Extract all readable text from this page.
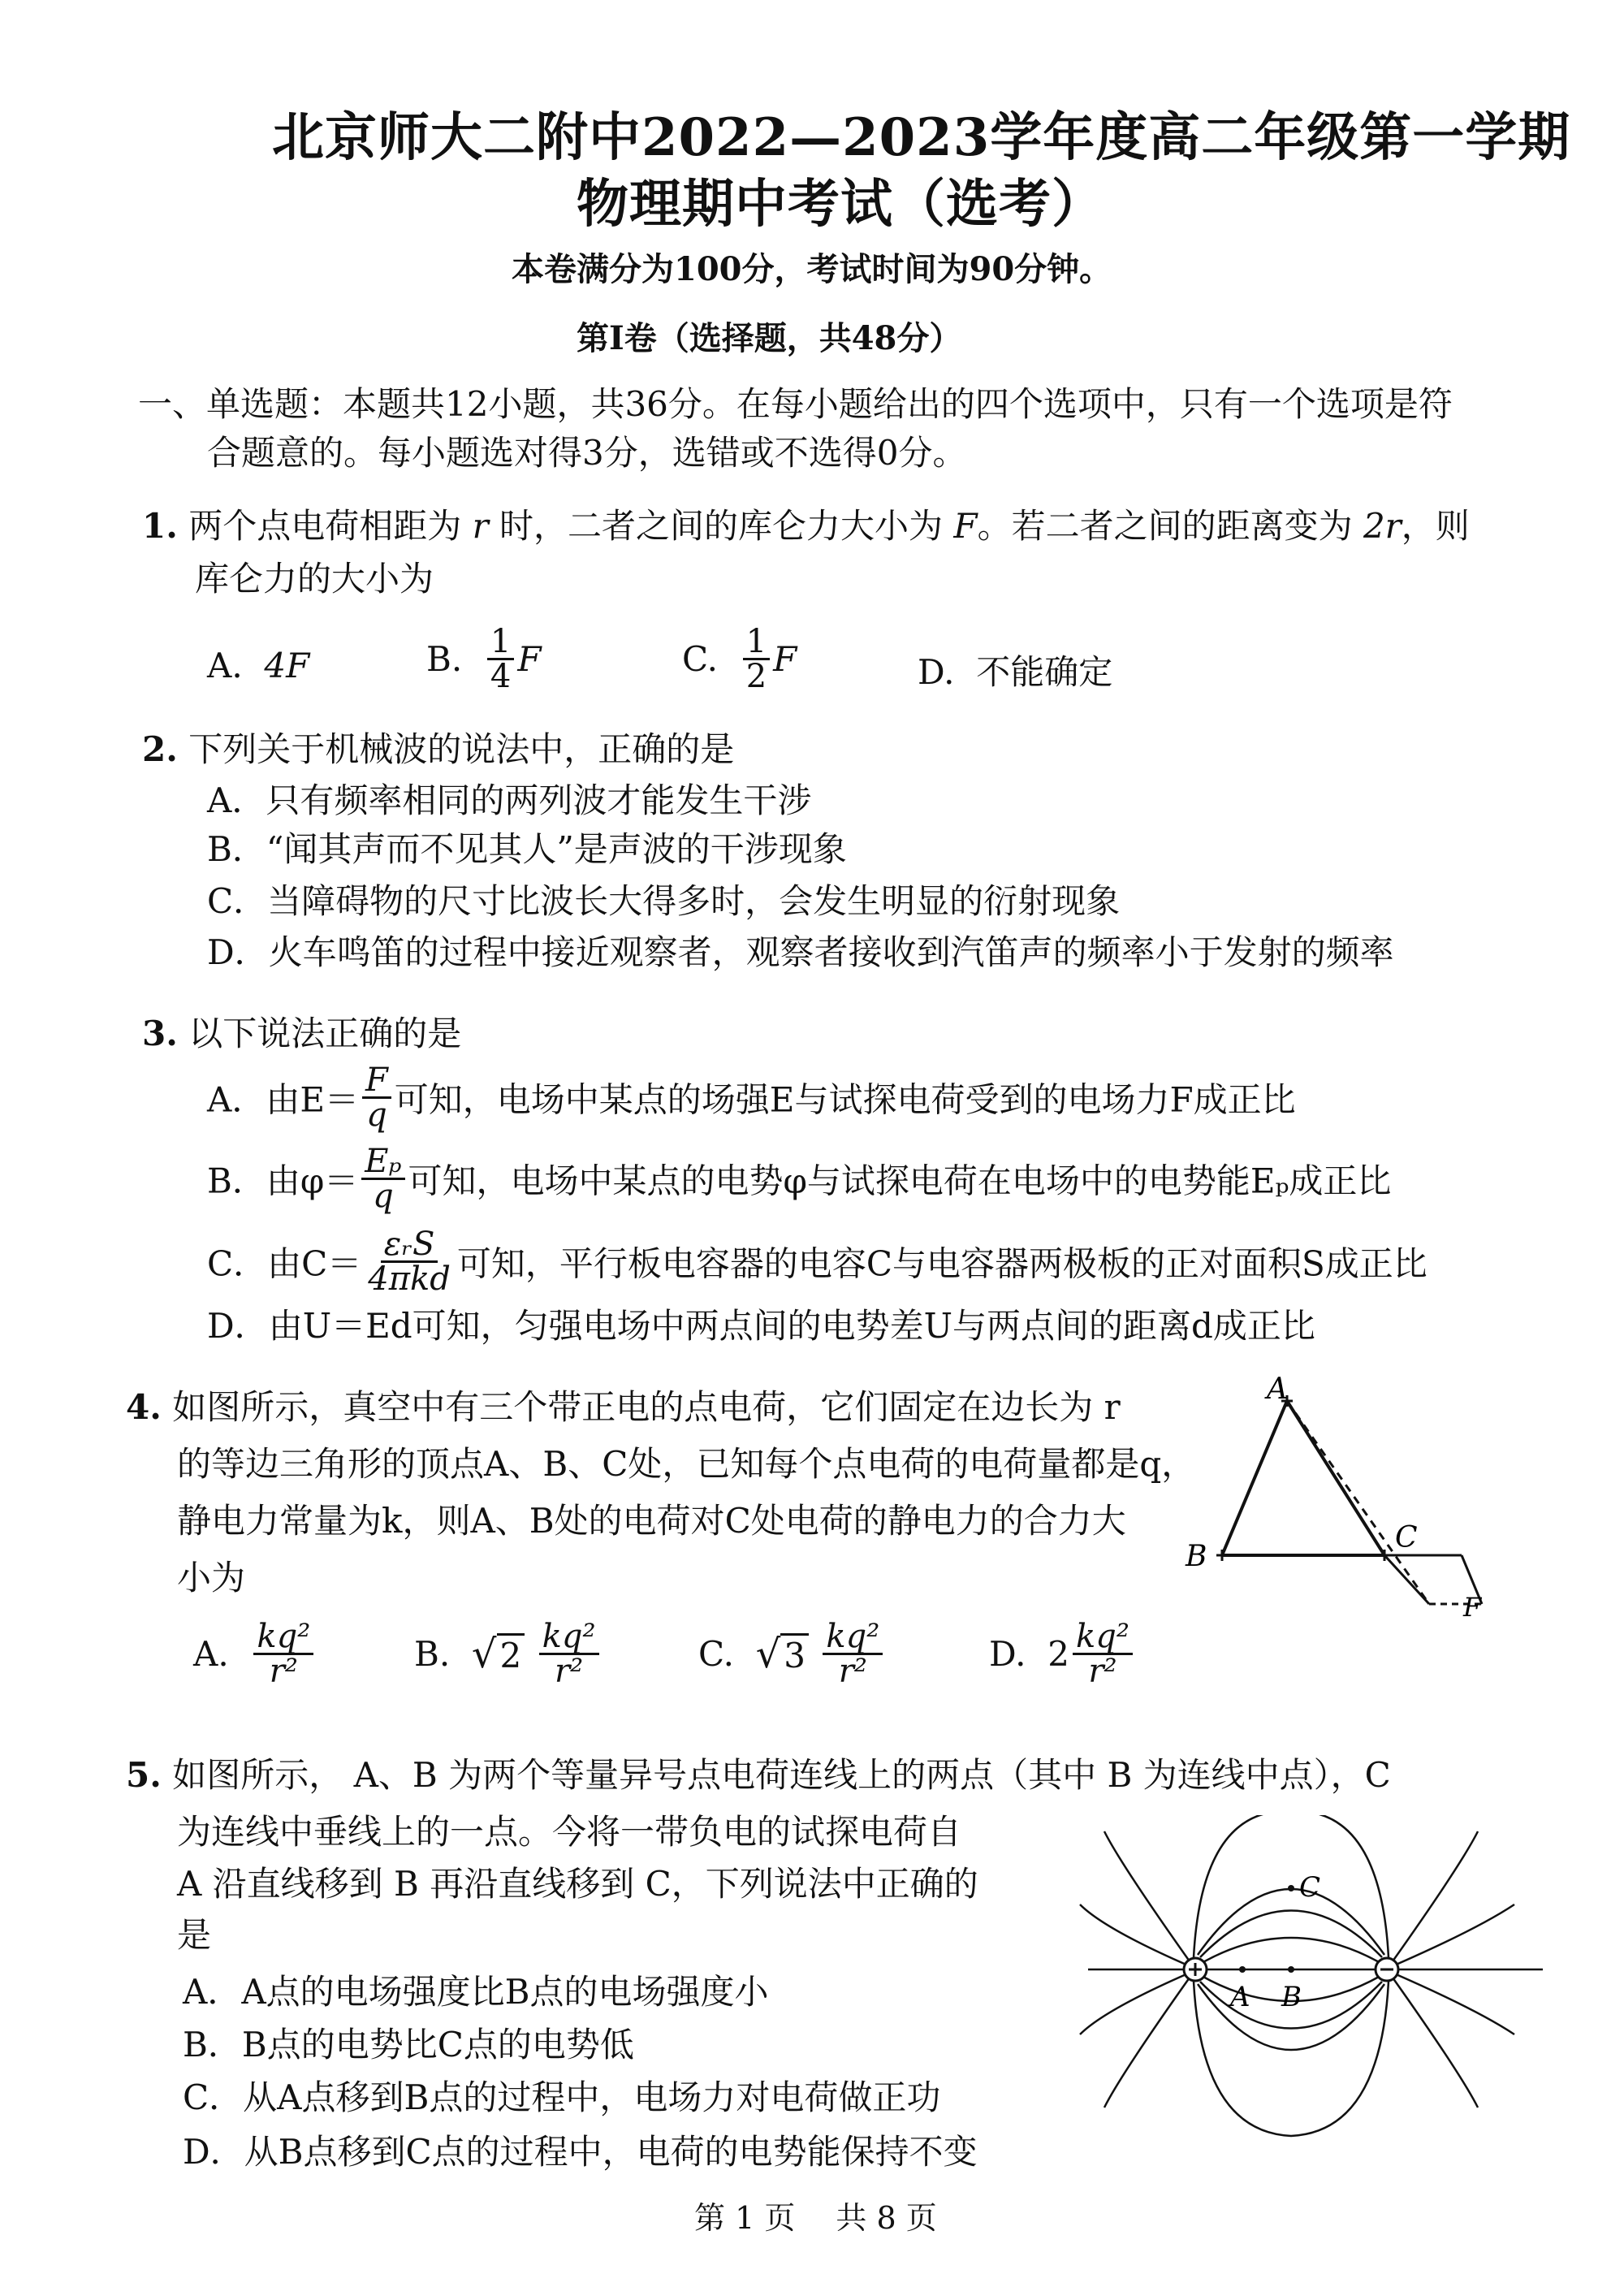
北京师大二附中2022—2023学年度高二年级第一学期
物理期中考试（选考）
本卷满分为100分，考试时间为90分钟。
第Ⅰ卷（选择题，共48分）
一、单选题：本题共12小题，共36分。在每小题给出的四个选项中，只有一个选项是符
合题意的。每小题选对得3分，选错或不选得0分。
1. 两个点电荷相距为 r 时，二者之间的库仑力大小为 F。若二者之间的距离变为 2r，则
库仑力的大小为
A. 4F	B. $\frac{1}{4}$ F	C. $\frac{1}{2}$ F	D. 不能确定
2. 下列关于机械波的说法中，正确的是
A．只有频率相同的两列波才能发生干涉
B．“闻其声而不见其人”是声波的干涉现象
C．当障碍物的尺寸比波长大得多时，会发生明显的衍射现象
D．火车鸣笛的过程中接近观察者，观察者接收到汽笛声的频率小于发射的频率
3. 以下说法正确的是
A．由$E= \frac{F}{q}$ 可知，电场中某点的场强E与试探电荷受到的电场力F成正比
B．由$\varphi= \frac{\text{Eₚ}}{q}$ 可知，电场中某点的电势φ与试探电荷在电场中的电势能Eₚ成正比
C．由$C= \frac{\text{εᵣS}}{\text{4πkd}}$ 可知，平行板电容器的电容C与电容器两极板的正对面积S成正比
D．由U＝Ed可知，匀强电场中两点间的电势差U与两点间的距离d成正比
4. 如图所示，真空中有三个带正电的点电荷，它们固定在边长为 r
的等边三角形的顶点A、B、C处，已知每个点电荷的电荷量都是q，
静电力常量为k，则A、B处的电荷对C处电荷的静电力的合力大
小为
A
B
C
F
A. $\frac{\text{kq²}}{\text{r²}}$	B. $√2 \frac{\text{kq²}}{\text{r²}}$	C. $√3 \frac{\text{kq²}}{\text{r²}}$	D. $2 \frac{\text{kq²}}{\text{r²}}$
5. 如图所示， A、B 为两个等量异号点电荷连线上的两点（其中 B 为连线中点），C
为连线中垂线上的一点。今将一带负电的试探电荷自
A 沿直线移到 B 再沿直线移到 C，下列说法中正确的
是
A．A点的电场强度比B点的电场强度小
B．B点的电势比C点的电势低
C．从A点移到B点的过程中，电场力对电荷做正功
D．从B点移到C点的过程中，电荷的电势能保持不变
A B
C
第 1 页　 共 8 页
